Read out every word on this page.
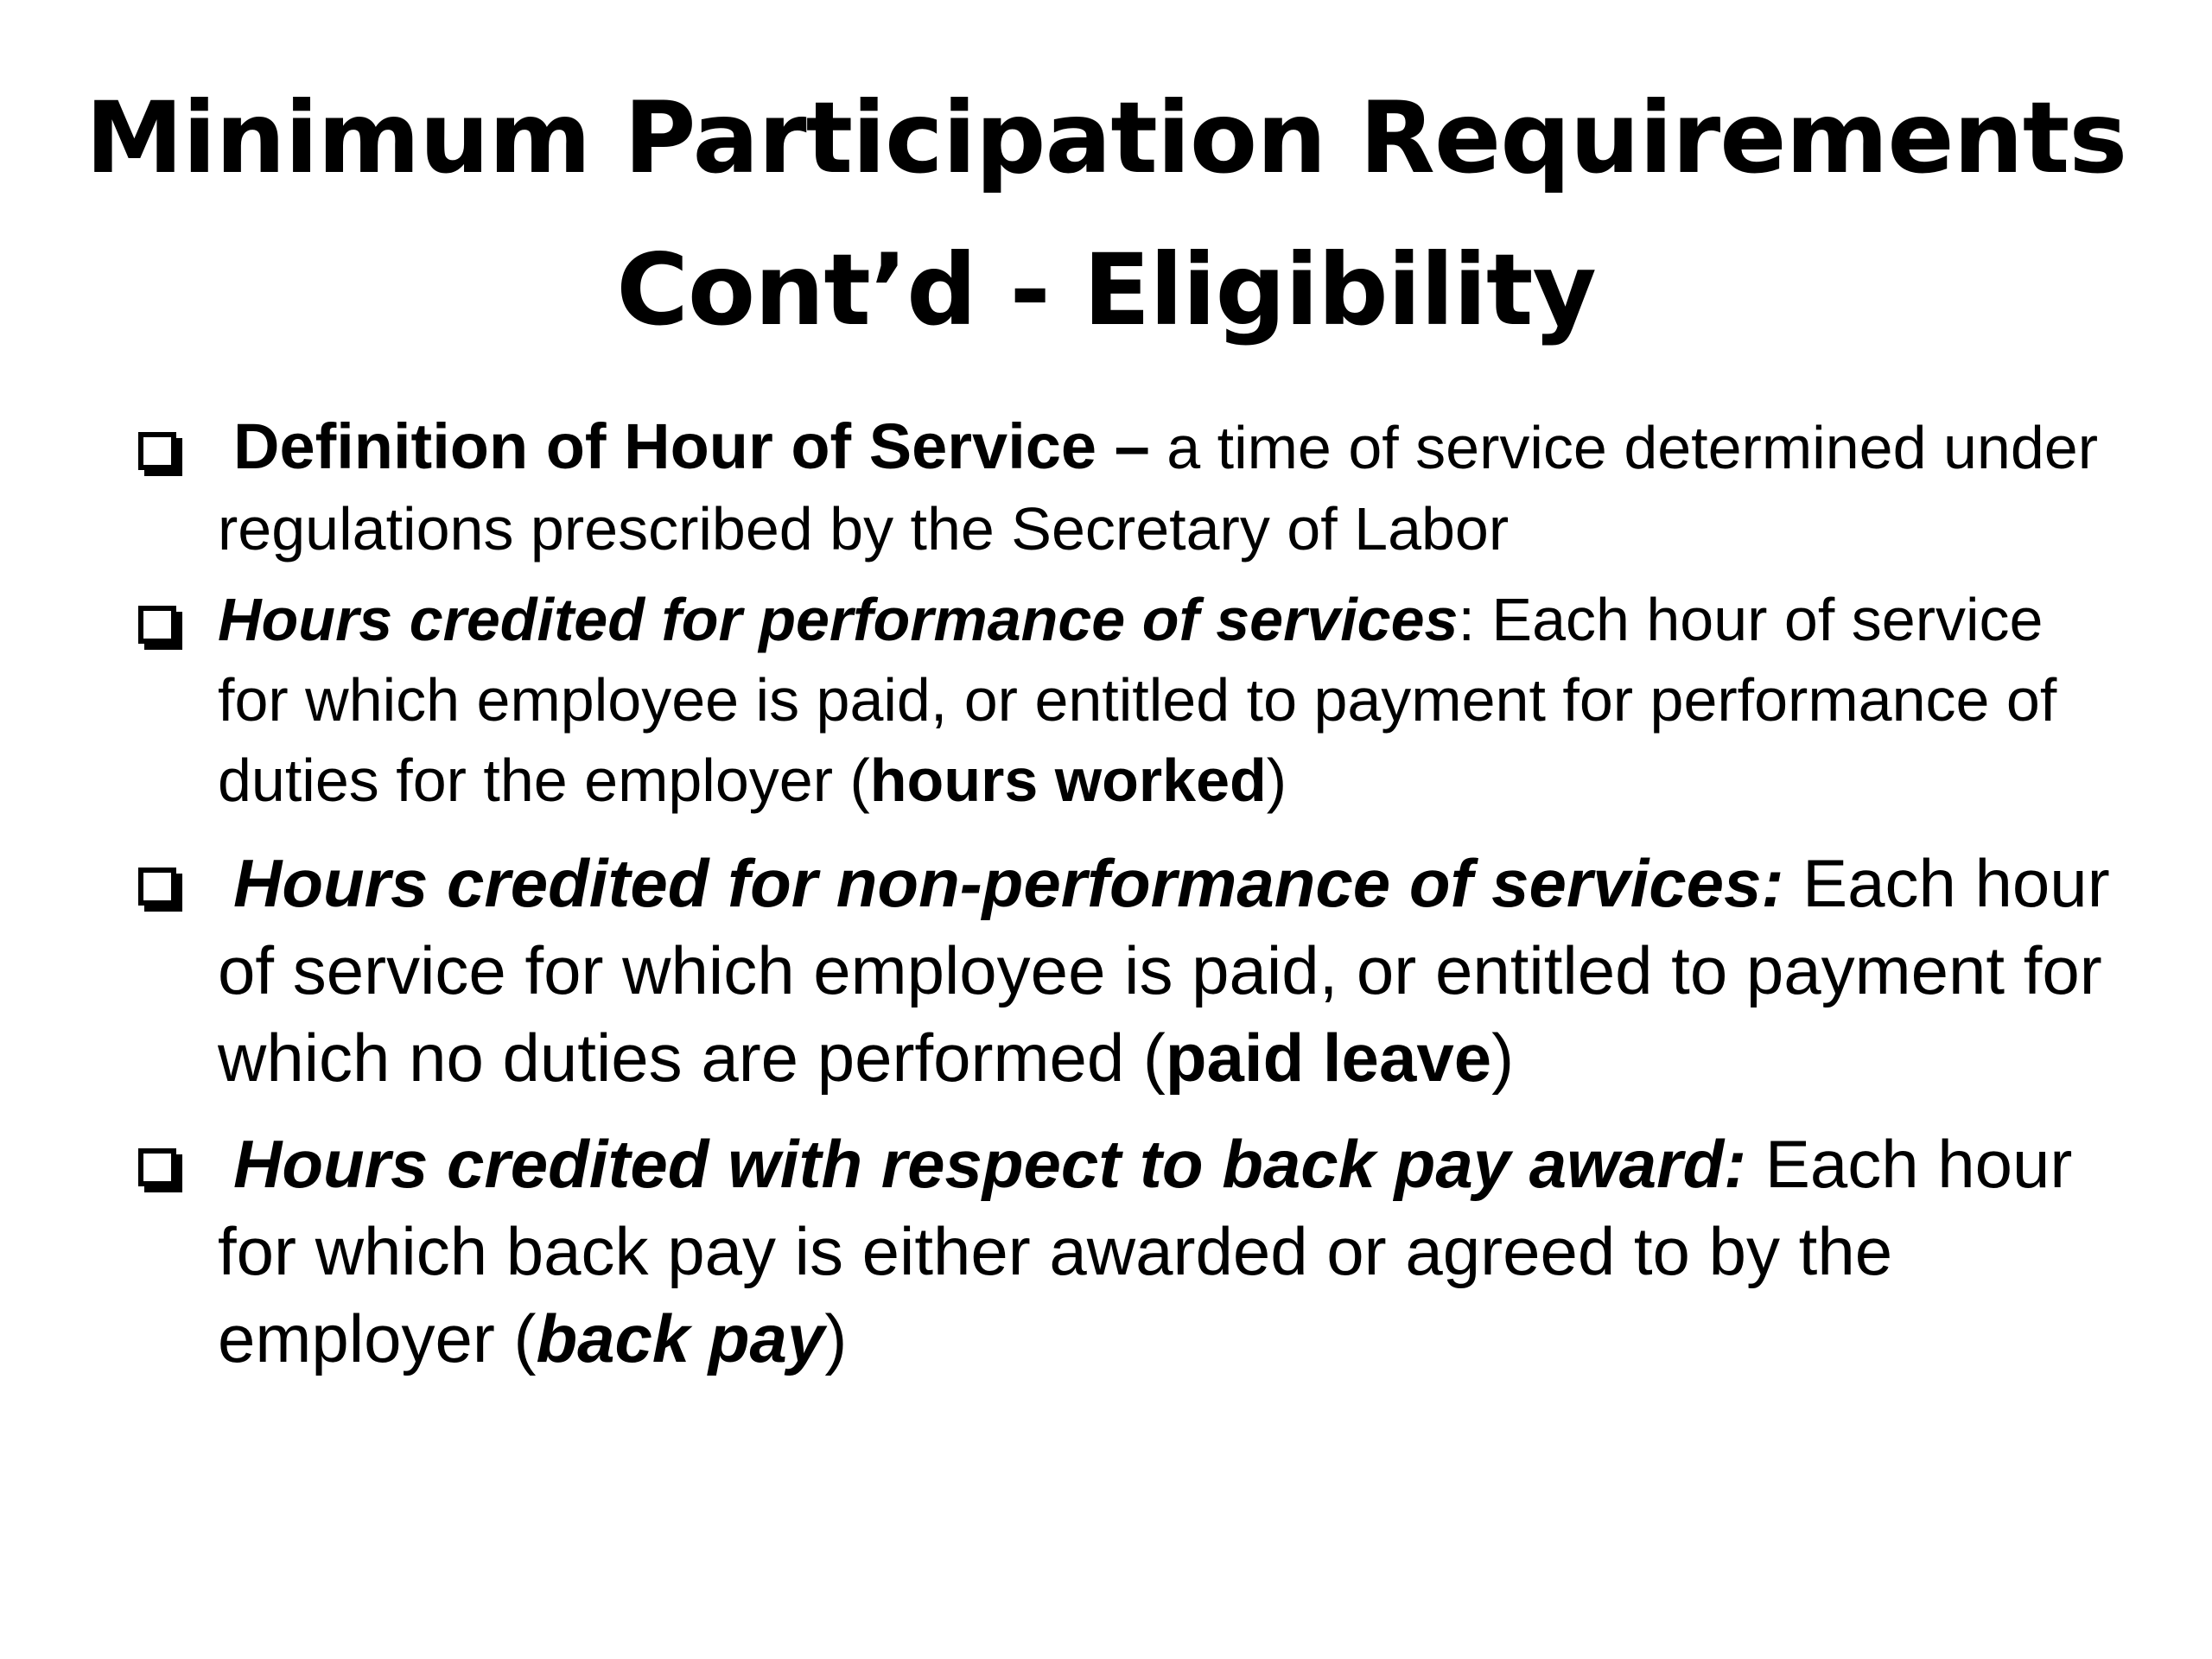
Minimum Participation Requirements
Cont’d - Eligibility
Definition of Hour of Service – a time of service determined under regulations prescribed by the Secretary of Labor
Hours credited for performance of services: Each hour of service for which employee is paid, or entitled to payment for performance of duties for the employer (hours worked)
Hours credited for non-performance of services: Each hour of service for which employee is paid, or entitled to payment for which no duties are performed (paid leave)
Hours credited with respect to back pay award: Each hour for which back pay is either awarded or agreed to by the employer (back pay)
